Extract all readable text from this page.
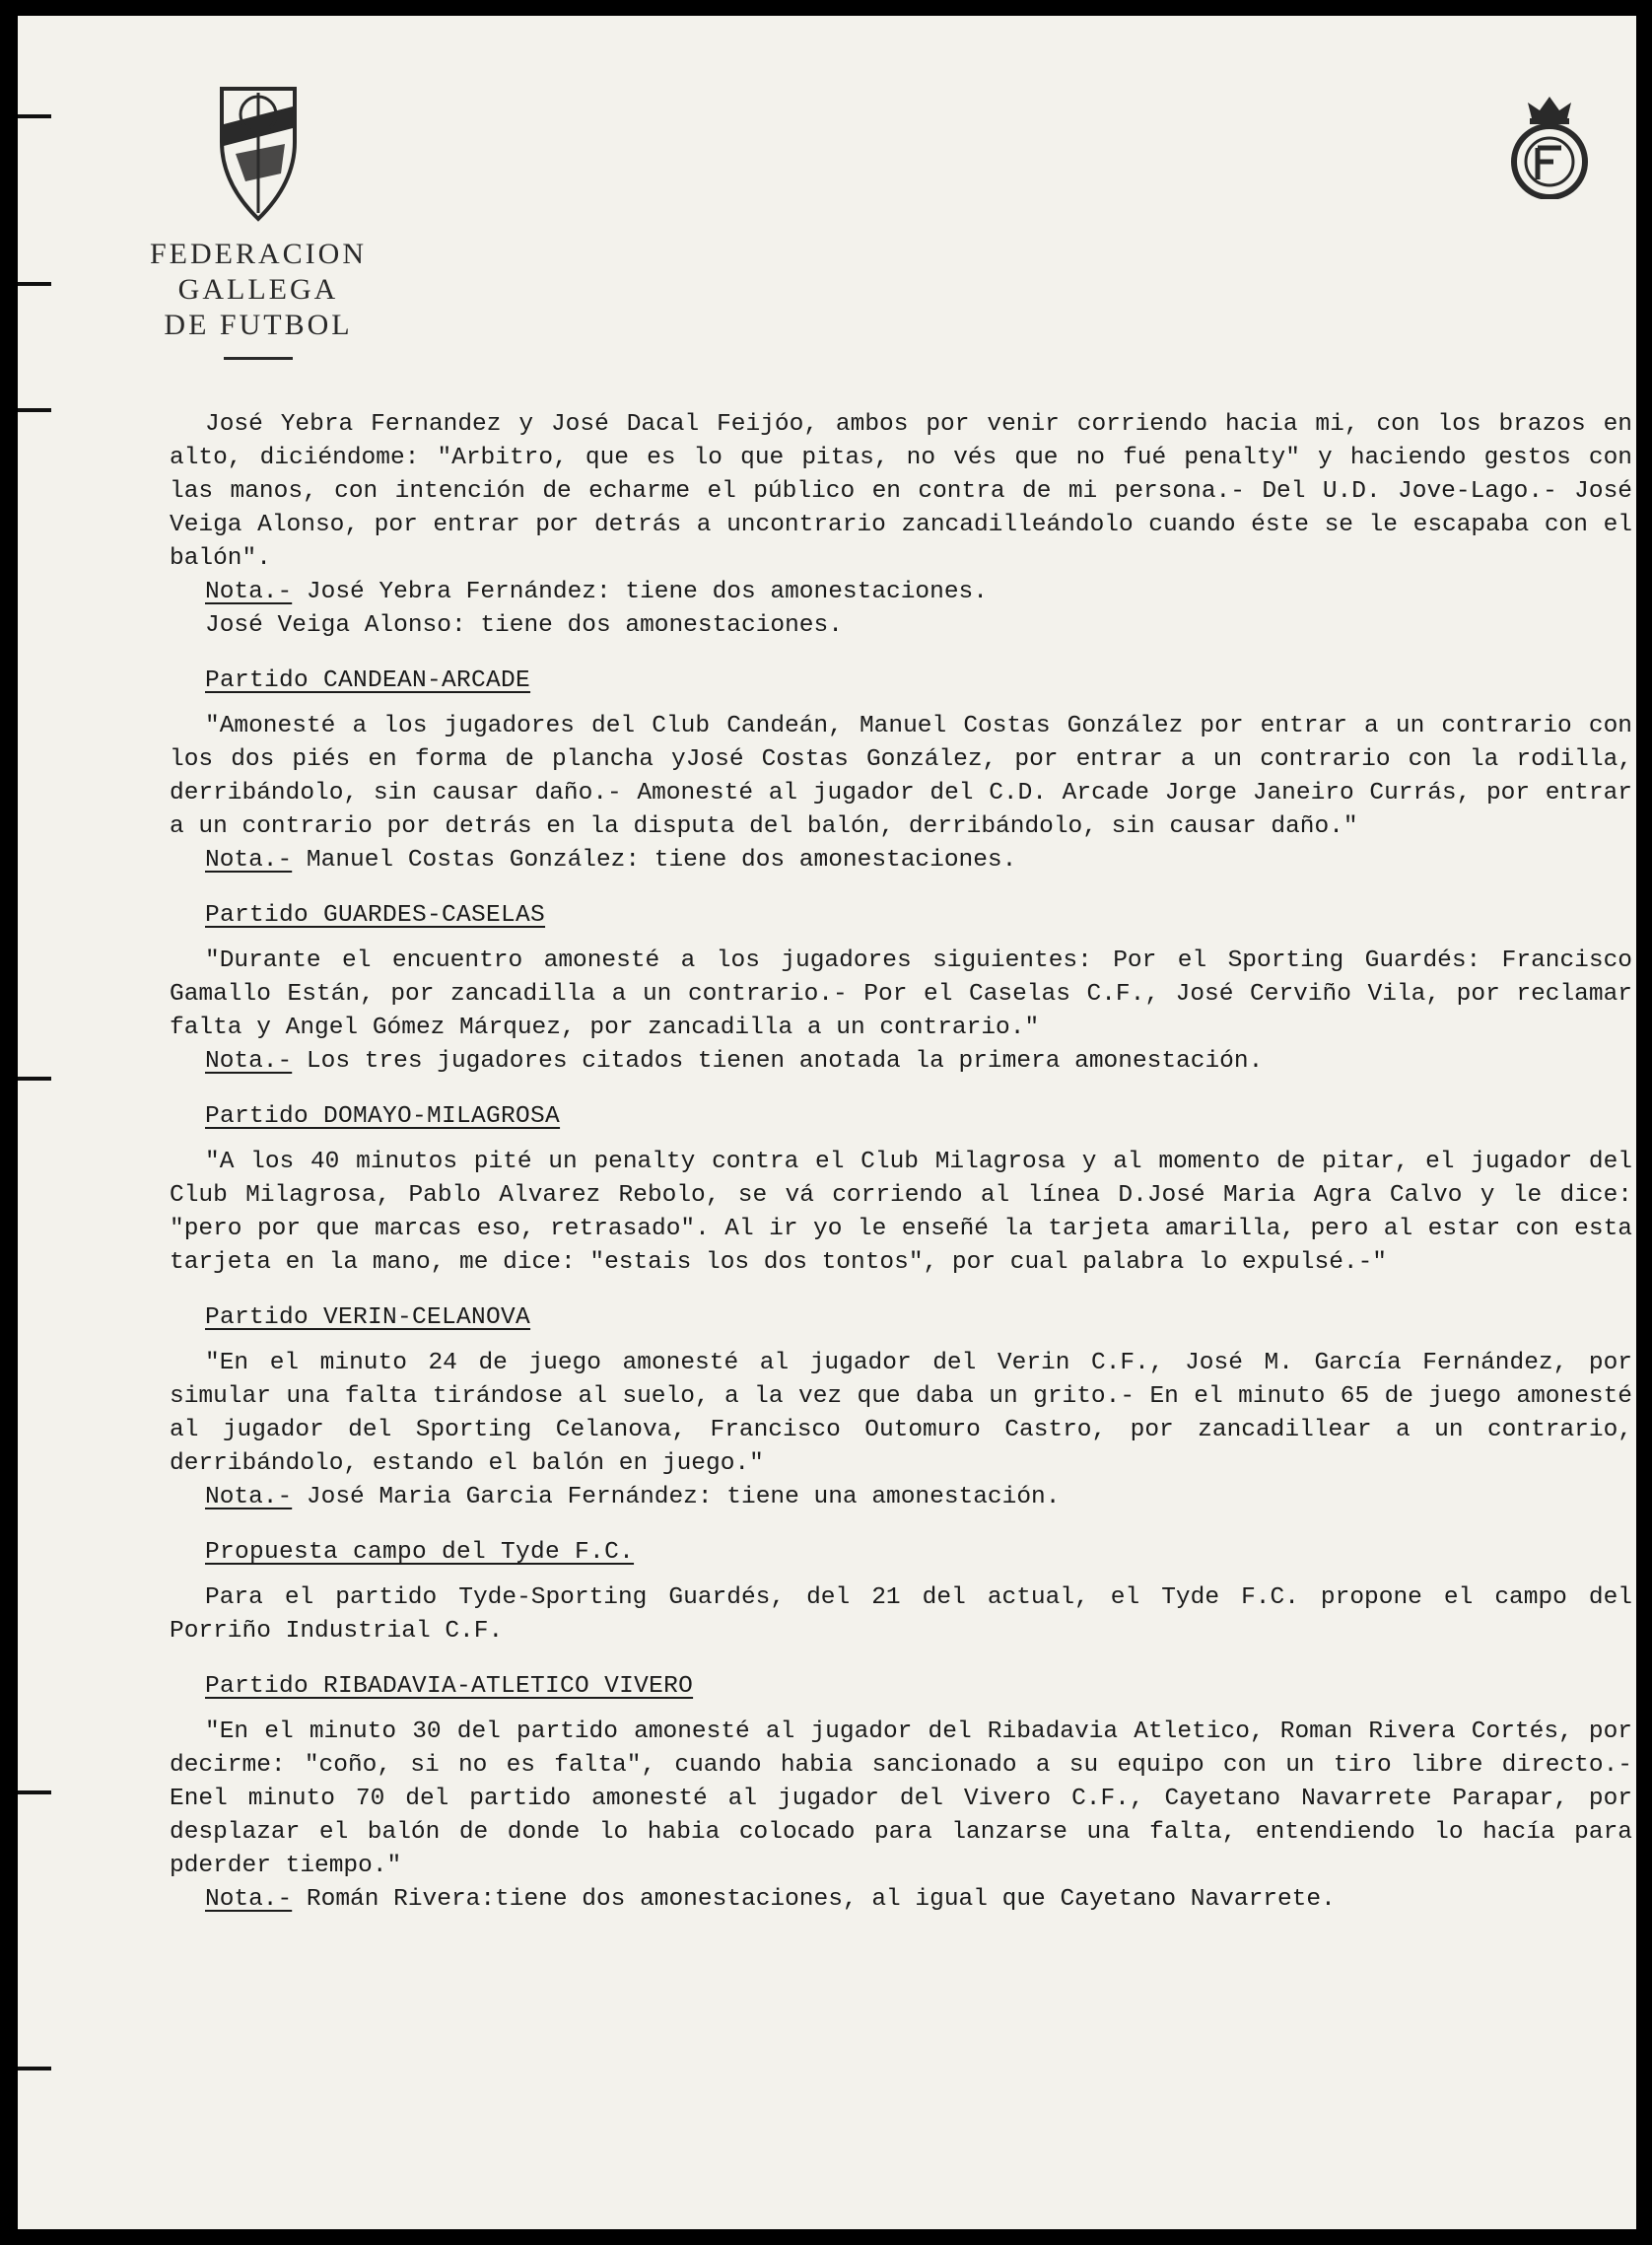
FEDERACION GALLEGA
DE FUTBOL

José Yebra Fernandez y José Dacal Feijóo, ambos por venir corriendo hacia mi, con los brazos en alto, diciéndome: "Arbitro, que es lo que pitas, no vés que no fué penalty" y haciendo gestos con las manos, con intención de echarme el público en contra de mi persona.- Del U.D. Jove-Lago.- José Veiga Alonso, por entrar por detrás a uncontrario zancadilleándolo cuando éste se le escapaba con el balón".

Nota.- José Yebra Fernández: tiene dos amonestaciones.
José Veiga Alonso: tiene dos amonestaciones.
Partido CANDEAN-ARCADE

"Amonesté a los jugadores del Club Candeán, Manuel Costas González por entrar a un contrario con los dos piés en forma de plancha yJosé Costas González, por entrar a un contrario con la rodilla, derribándolo, sin causar daño.- Amonesté al jugador del C.D. Arcade Jorge Janeiro Currás, por entrar a un contrario por detrás en la disputa del balón, derribándolo, sin causar daño."

Nota.- Manuel Costas González: tiene dos amonestaciones.
Partido GUARDES-CASELAS

"Durante el encuentro amonesté a los jugadores siguientes: Por el Sporting Guardés: Francisco Gamallo Están, por zancadilla a un contrario.- Por el Caselas C.F., José Cerviño Vila, por reclamar falta y Angel Gómez Márquez, por zancadilla a un contrario."

Nota.- Los tres jugadores citados tienen anotada la primera amonestación.
Partido DOMAYO-MILAGROSA

"A los 40 minutos pité un penalty contra el Club Milagrosa y al momento de pitar, el jugador del Club Milagrosa, Pablo Alvarez Rebolo, se vá corriendo al línea D.José Maria Agra Calvo y le dice: "pero por que marcas eso, retrasado". Al ir yo le enseñé la tarjeta amarilla, pero al estar con esta tarjeta en la mano, me dice: "estais los dos tontos", por cual palabra lo expulsé.-"

Partido VERIN-CELANOVA

"En el minuto 24 de juego amonesté al jugador del Verin C.F., José M. García Fernández, por simular una falta tirándose al suelo, a la vez que daba un grito.- En el minuto 65 de juego amonesté al jugador del Sporting Celanova, Francisco Outomuro Castro, por zancadillear a un contrario, derribándolo, estando el balón en juego."

Nota.- José Maria Garcia Fernández: tiene una amonestación.
Propuesta campo del Tyde F.C.

Para el partido Tyde-Sporting Guardés, del 21 del actual, el Tyde F.C. propone el campo del Porriño Industrial C.F.

Partido RIBADAVIA-ATLETICO VIVERO

"En el minuto 30 del partido amonesté al jugador del Ribadavia Atletico, Roman Rivera Cortés, por decirme: "coño, si no es falta", cuando habia sancionado a su equipo con un tiro libre directo.- Enel minuto 70 del partido amonesté al jugador del Vivero C.F., Cayetano Navarrete Parapar, por desplazar el balón de donde lo habia colocado para lanzarse una falta, entendiendo lo hacía para pderder tiempo."

Nota.- Román Rivera:tiene dos amonestaciones, al igual que Cayetano Navarrete.
